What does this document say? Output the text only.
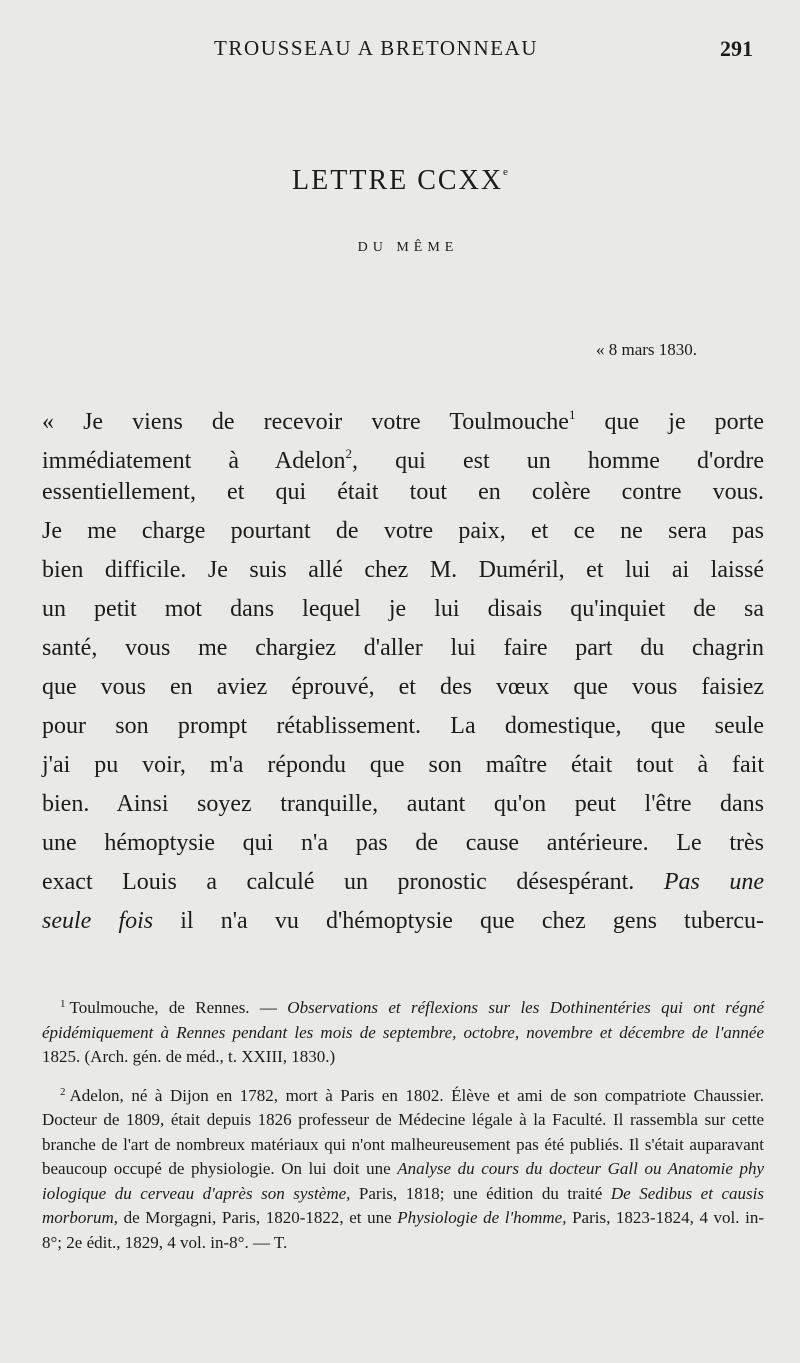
TROUSSEAU A BRETONNEAU	291
LETTRE CCXXe
DU MÊME
« 8 mars 1830.
« Je viens de recevoir votre Toulmouche$^1$ que je porte
immédiatement à Adelon$^2$, qui est un homme d'ordre
essentiellement, et qui était tout en colère contre vous.
Je me charge pourtant de votre paix, et ce ne sera pas
bien difficile. Je suis allé chez M. Duméril, et lui ai laissé
un petit mot dans lequel je lui disais qu'inquiet de sa
santé, vous me chargiez d'aller lui faire part du chagrin
que vous en aviez éprouvé, et des vœux que vous faisiez
pour son prompt rétablissement. La domestique, que seule
j'ai pu voir, m'a répondu que son maître était tout à fait
bien. Ainsi soyez tranquille, autant qu'on peut l'être dans
une hémoptysie qui n'a pas de cause antérieure. Le très
exact Louis a calculé un pronostic désespérant. Pas une
seule fois il n'a vu d'hémoptysie que chez gens tubercu-

$^1$ Toulmouche, de Rennes. — Observations et réflexions sur les Dothinentéries qui ont régné épidémiquement à Rennes pendant les mois de septembre, octobre, novembre et décembre de l'année 1825. (Arch. gén. de méd., t. XXIII, 1830.)

$^2$ Adelon, né à Dijon en 1782, mort à Paris en 1802. Élève et ami de son compatriote Chaussier. Docteur de 1809, était depuis 1826 professeur de Médecine légale à la Faculté. Il rassembla sur cette branche de l'art de nombreux matériaux qui n'ont malheureusement pas été publiés. Il s'était auparavant beaucoup occupé de physiologie. On lui doit une Analyse du cours du docteur Gall ou Anatomie phy iologique du cerveau d'après son système, Paris, 1818; une édition du traité De Sedibus et causis morborum, de Morgagni, Paris, 1820-1822, et une Physiologie de l'homme, Paris, 1823-1824, 4 vol. in-8°; 2e édit., 1829, 4 vol. in-8°. — T.
